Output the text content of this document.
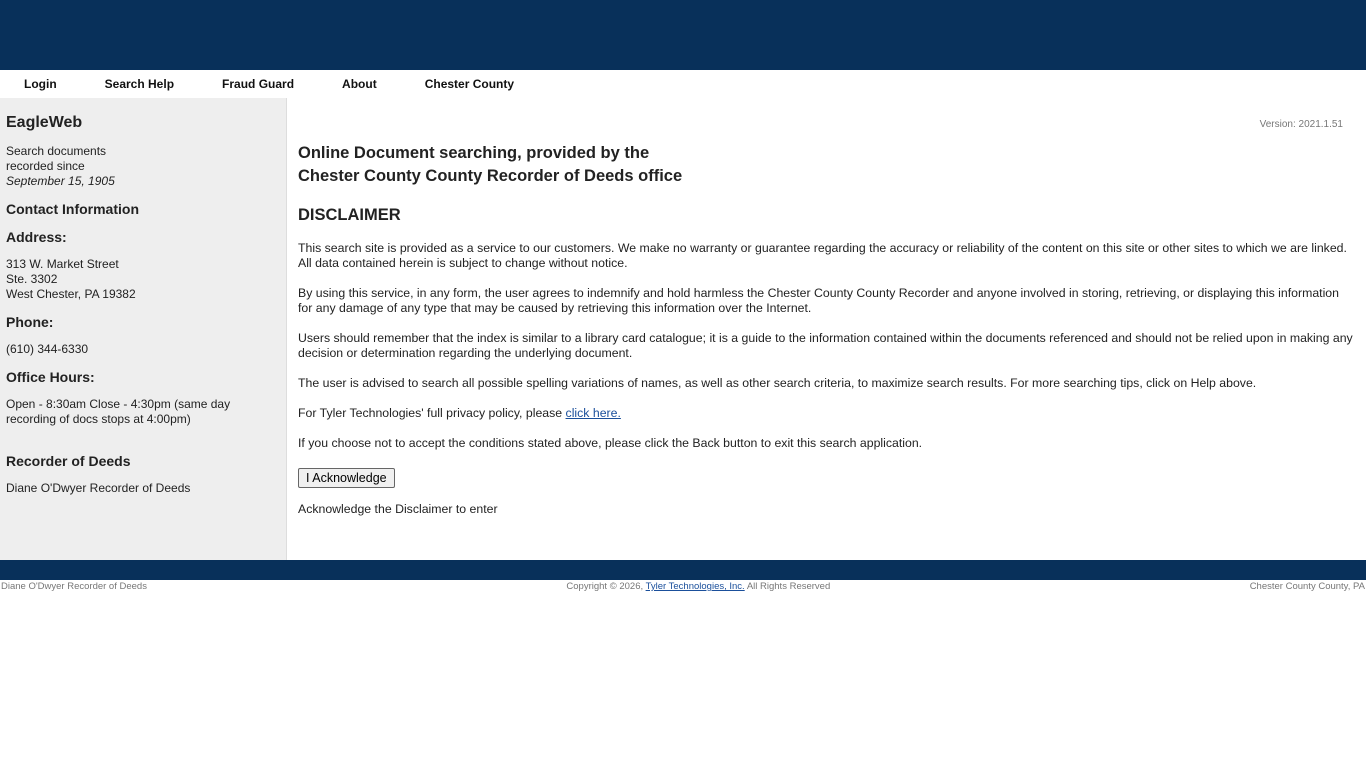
Login	Search Help	Fraud Guard	About	Chester County
EagleWeb

Search documents
recorded since
September 15, 1905

Contact Information
Address:

313 W. Market Street
Ste. 3302
West Chester, PA 19382

Phone:

(610) 344-6330

Office Hours:

Open - 8:30am Close - 4:30pm (same day recording of docs stops at 4:00pm)

Recorder of Deeds

Diane O'Dwyer Recorder of Deeds

Version: 2021.1.51
Online Document searching, provided by the
Chester County County Recorder of Deeds office
DISCLAIMER

This search site is provided as a service to our customers. We make no warranty or guarantee regarding the accuracy or reliability of the content on this site or other sites to which we are linked. All data contained herein is subject to change without notice.

By using this service, in any form, the user agrees to indemnify and hold harmless the Chester County County Recorder and anyone involved in storing, retrieving, or displaying this information for any damage of any type that may be caused by retrieving this information over the Internet.

Users should remember that the index is similar to a library card catalogue; it is a guide to the information contained within the documents referenced and should not be relied upon in making any decision or determination regarding the underlying document.

The user is advised to search all possible spelling variations of names, as well as other search criteria, to maximize search results. For more searching tips, click on Help above.

For Tyler Technologies' full privacy policy, please click here.

If you choose not to accept the conditions stated above, please click the Back button to exit this search application.

I Acknowledge

Acknowledge the Disclaimer to enter

Diane O'Dwyer Recorder of Deeds	Copyright © 2026, Tyler Technologies, Inc. All Rights Reserved	Chester County County, PA
